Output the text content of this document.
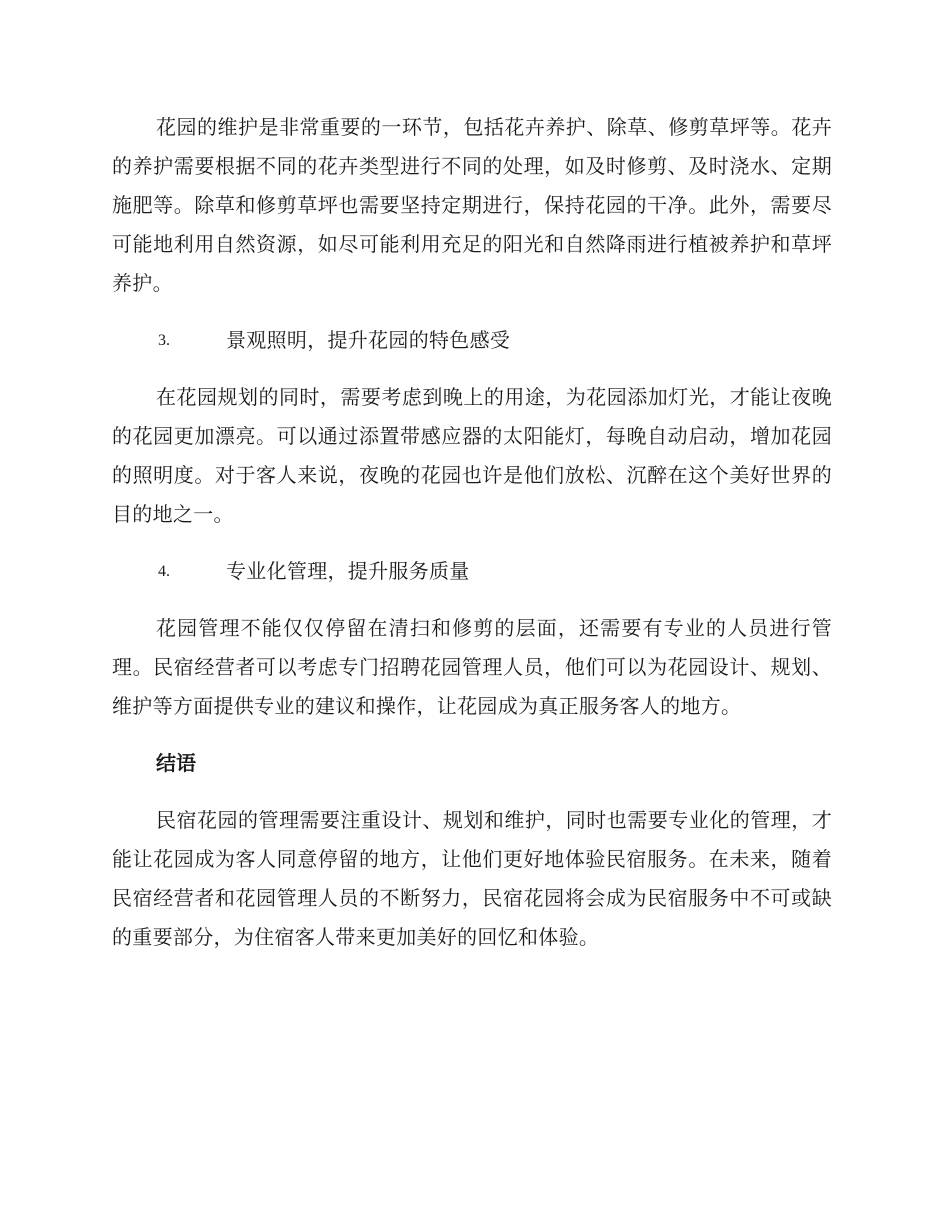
花园的维护是非常重要的一环节，包括花卉养护、除草、修剪草坪等。花卉的养护需要根据不同的花卉类型进行不同的处理，如及时修剪、及时浇水、定期施肥等。除草和修剪草坪也需要坚持定期进行，保持花园的干净。此外，需要尽可能地利用自然资源，如尽可能利用充足的阳光和自然降雨进行植被养护和草坪养护。

3.	景观照明，提升花园的特色感受

在花园规划的同时，需要考虑到晚上的用途，为花园添加灯光，才能让夜晚的花园更加漂亮。可以通过添置带感应器的太阳能灯，每晚自动启动，增加花园的照明度。对于客人来说，夜晚的花园也许是他们放松、沉醉在这个美好世界的目的地之一。

4.	专业化管理，提升服务质量

花园管理不能仅仅停留在清扫和修剪的层面，还需要有专业的人员进行管理。民宿经营者可以考虑专门招聘花园管理人员，他们可以为花园设计、规划、维护等方面提供专业的建议和操作，让花园成为真正服务客人的地方。

结语

民宿花园的管理需要注重设计、规划和维护，同时也需要专业化的管理，才能让花园成为客人同意停留的地方，让他们更好地体验民宿服务。在未来，随着民宿经营者和花园管理人员的不断努力，民宿花园将会成为民宿服务中不可或缺的重要部分，为住宿客人带来更加美好的回忆和体验。
